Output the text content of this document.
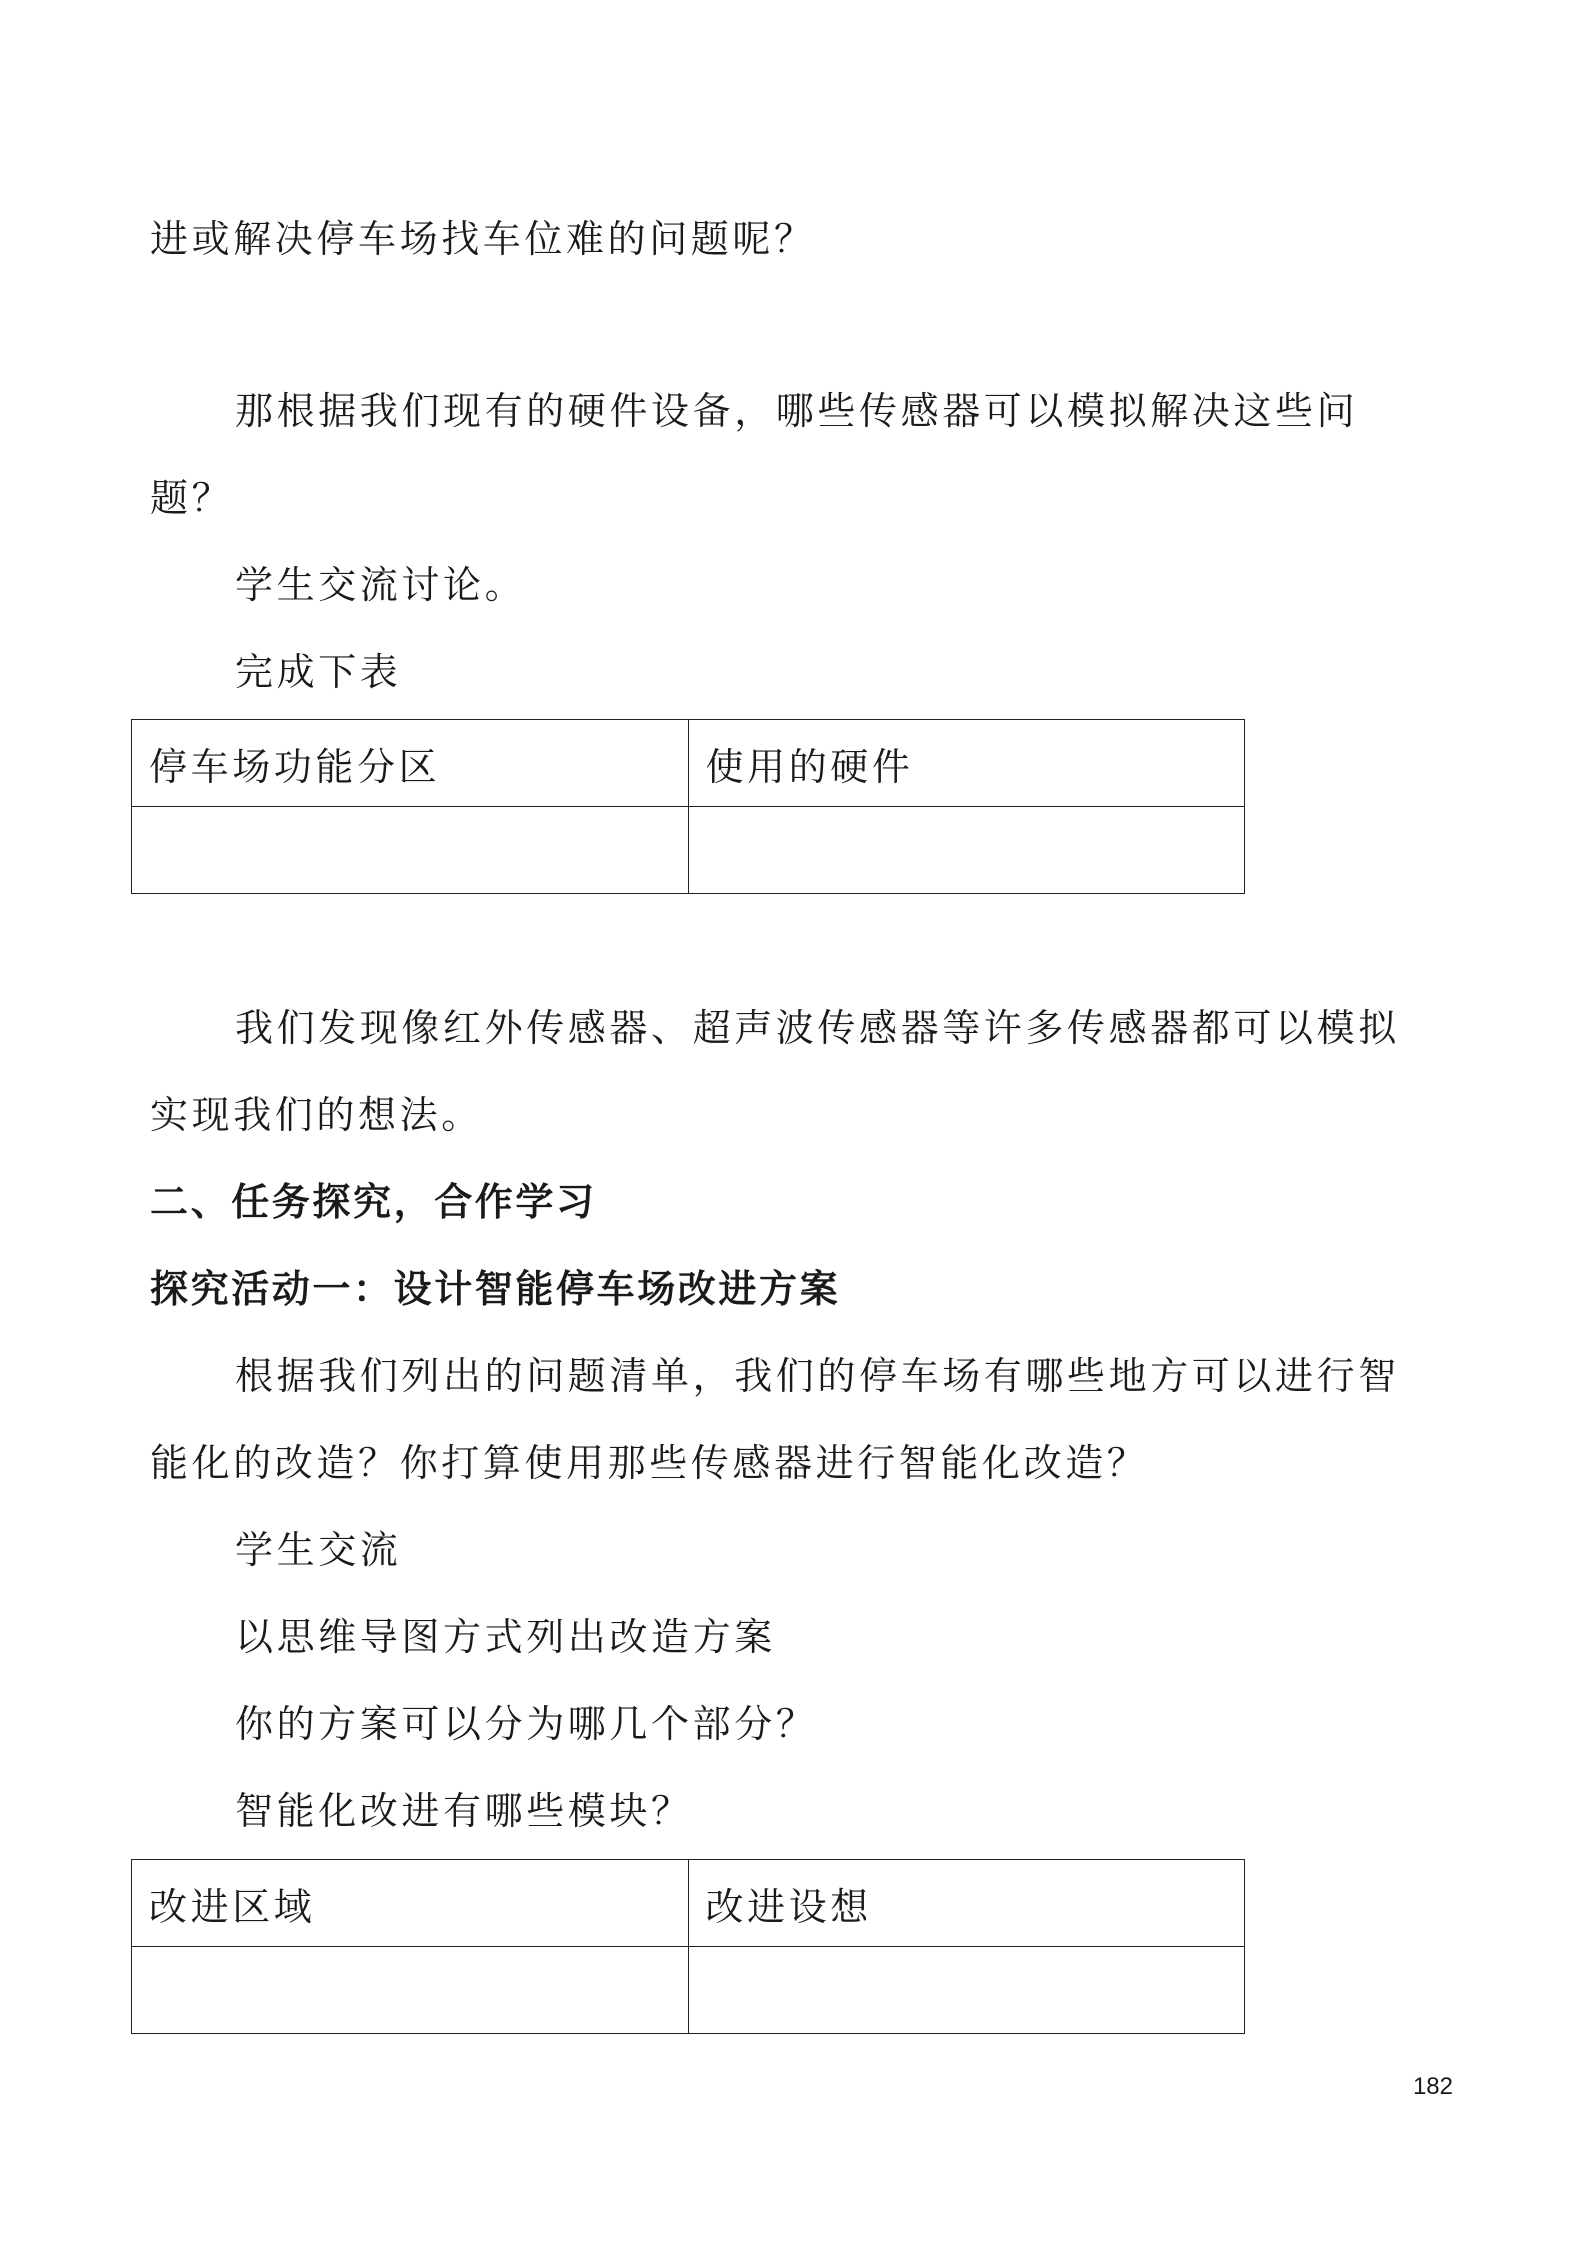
进或解决停车场找车位难的问题呢？
那根据我们现有的硬件设备，哪些传感器可以模拟解决这些问
题？
学生交流讨论。
完成下表
停车场功能分区	使用的硬件

我们发现像红外传感器、超声波传感器等许多传感器都可以模拟
实现我们的想法。
二、任务探究，合作学习
探究活动一：设计智能停车场改进方案
根据我们列出的问题清单，我们的停车场有哪些地方可以进行智
能化的改造？你打算使用那些传感器进行智能化改造？
学生交流
以思维导图方式列出改造方案
你的方案可以分为哪几个部分？
智能化改进有哪些模块？
改进区域	改进设想

182
